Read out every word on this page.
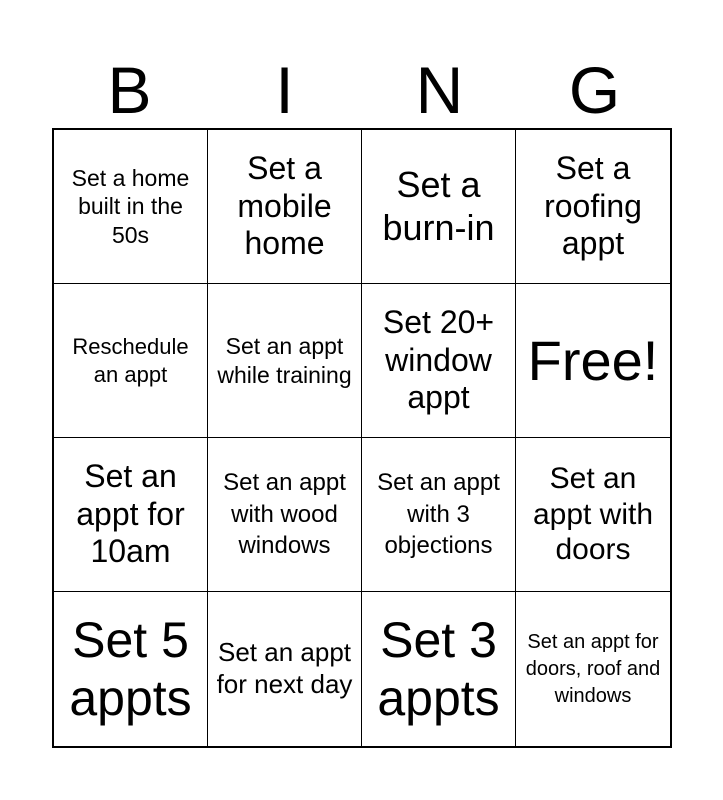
B	I	N	G
Set a home built in the 50s
Set a mobile home
Set a burn-in
Set a roofing appt
Reschedule an appt
Set an appt while training
Set 20+ window appt
Free!
Set an appt for 10am
Set an appt with wood windows
Set an appt with 3 objections
Set an appt with doors
Set 5 appts
Set an appt for next day
Set 3 appts
Set an appt for doors, roof and windows
